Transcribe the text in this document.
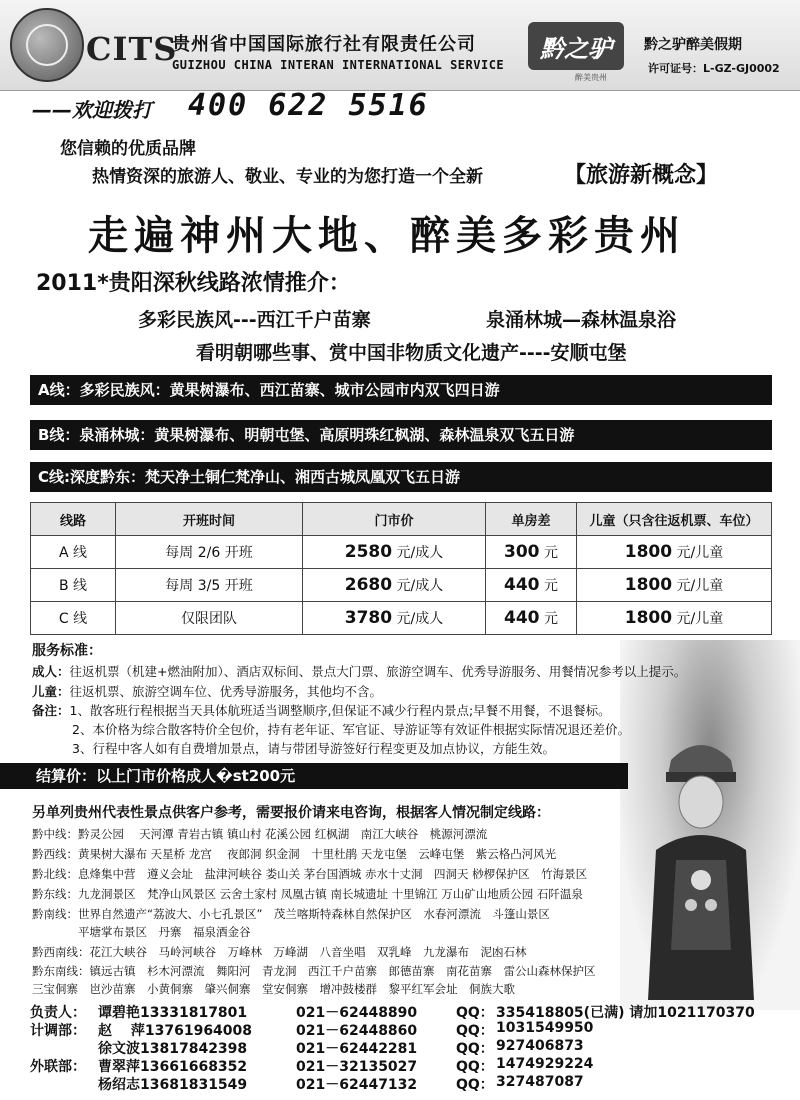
CITS
贵州省中国国际旅行社有限责任公司
GUIZHOU CHINA INTERAN INTERNATIONAL SERVICE
黔之驴
醉美贵州
黔之驴醉美假期
许可证号：L-GZ-GJ0002
——欢迎拨打 400 622 5516
您信赖的优质品牌
热情资深的旅游人、敬业、专业的为您打造一个全新	【旅游新概念】
走遍神州大地、醉美多彩贵州
2011*贵阳深秋线路浓情推介：
多彩民族风---西江千户苗寨	泉涌林城—森林温泉浴
看明朝哪些事、赏中国非物质文化遗产----安顺屯堡
A线：多彩民族风：黄果树瀑布、西江苗寨、城市公园市内双飞四日游
B线：泉涌林城：黄果树瀑布、明朝屯堡、高原明珠红枫湖、森林温泉双飞五日游
C线:深度黔东：梵天净土铜仁梵净山、湘西古城凤凰双飞五日游
线路	开班时间	门市价	单房差	儿童（只含往返机票、车位）
A 线	每周 2/6 开班	2580 元/成人	300 元	1800 元/儿童
B 线	每周 3/5 开班	2680 元/成人	440 元	1800 元/儿童
C 线	仅限团队	3780 元/成人	440 元	1800 元/儿童
服务标准：
成人：往返机票（机建+燃油附加）、酒店双标间、景点大门票、旅游空调车、优秀导游服务、用餐情况参考以上提示。
儿童：往返机票、旅游空调车位、优秀导游服务，其他均不含。
备注：1、散客班行程根据当天具体航班适当调整顺序,但保证不减少行程内景点;早餐不用餐，不退餐标。
2、本价格为综合散客特价全包价，持有老年证、军官证、导游证等有效证件根据实际情况退还差价。
3、行程中客人如有自费增加景点，请与带团导游签好行程变更及加点协议，方能生效。
结算价：以上门市价格成人�st200元
另单列贵州代表性景点供客户参考，需要报价请来电咨询，根据客人情况制定线路：
黔中线：黔灵公园　 天河潭 青岩古镇 镇山村 花溪公园 红枫湖　南江大峡谷　桃源河漂流
黔西线：黄果树大瀑布 天星桥 龙宫　 夜郎洞 织金洞　十里杜鹃 天龙屯堡　云峰屯堡　紫云格凸河风光
黔北线：息烽集中营　遵义会址　盐津河峡谷 娄山关 茅台国酒城 赤水十丈洞　四洞天 桫椤保护区　竹海景区
黔东线：九龙洞景区　梵净山风景区 云舍土家村 凤凰古镇 南长城遗址 十里锦江 万山矿山地质公园 石阡温泉
黔南线：世界自然遗产“荔波大、小七孔景区”　茂兰喀斯特森林自然保护区　水春河漂流　斗篷山景区
　　　　平塘掌布景区　丹寨　福泉酒金谷
黔西南线：花江大峡谷　马岭河峡谷　万峰林　万峰湖　八音坐唱　双乳峰　九龙瀑布　泥凼石林
黔东南线：镇远古镇　杉木河漂流　舞阳河　青龙洞　西江千户苗寨　郎德苗寨　南花苗寨　雷公山森林保护区
三宝侗寨　岜沙苗寨　小黄侗寨　肇兴侗寨　堂安侗寨　增冲鼓楼群　黎平红军会址　侗族大歌
负责人： 谭碧艳13331817801	021－62448890	QQ： 335418805(已满) 请加1021170370
计调部： 赵　 萍13761964008	021－62448860	QQ： 1031549950
徐文波13817842398	021－62442281	QQ： 927406873
外联部： 曹翠萍13661668352	021－32135027	QQ： 1474929224
杨绍志13681831549	021－62447132	QQ： 327487087
